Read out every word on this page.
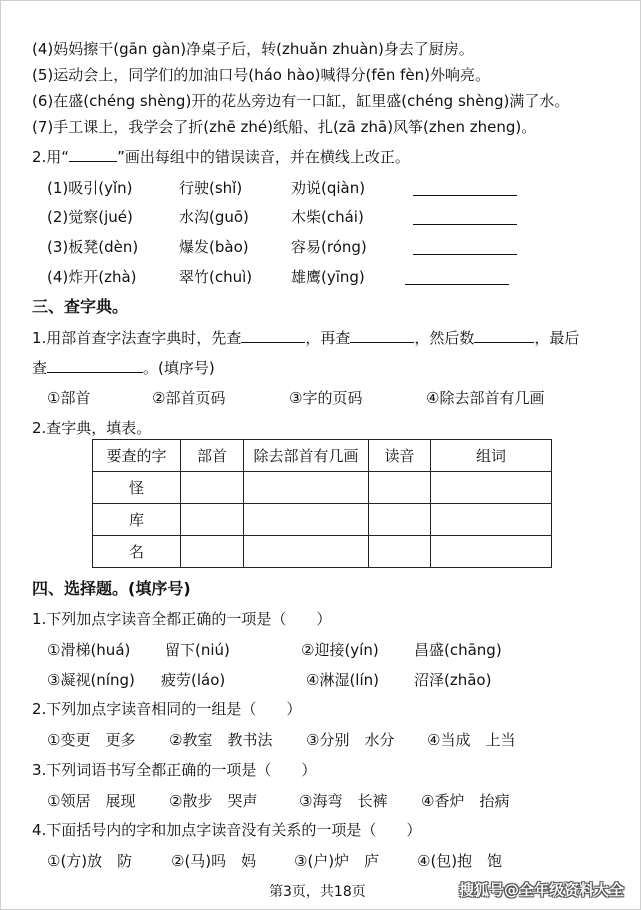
(4)妈妈擦干(gān gàn)净桌子后，转(zhuǎn zhuàn)身去了厨房。
(5)运动会上，同学们的加油口号(háo hào)喊得分(fēn fèn)外响亮。
(6)在盛(chéng shèng)开的花丛旁边有一口缸，缸里盛(chéng shèng)满了水。
(7)手工课上，我学会了折(zhē zhé)纸船、扎(zā zhā)风筝(zhen zheng)。
2.用“	”画出每组中的错误读音，并在横线上改正。
(1)吸引(yǐn)	行驶(shǐ)	劝说(qiàn)
(2)觉察(jué)	水沟(guō)	木柴(chái)
(3)板凳(dèn)	爆发(bào)	容易(róng)
(4)炸开(zhà)	翠竹(chuì)	雄鹰(yīng)
三、查字典。
1.用部首查字法查字典时，先查	，再查	，然后数	，最后
查	。(填序号)
①部首	②部首页码	③字的页码	④除去部首有几画
2.查字典，填表。
要查的字	部首	除去部首有几画	读音	组词
怪				
库				
名				
四、选择题。(填序号)
1.下列加点字读音全都正确的一项是（　　）
①滑梯(huá) 留下(niú)	②迎接(yín) 昌盛(chāng)
③凝视(níng) 疲劳(láo)	④淋湿(lín) 沼泽(zhāo)
2.下列加点字读音相同的一组是（　　）
①变更　更多 ②教室　教书法 ③分别　水分 ④当成　上当
3.下列词语书写全都正确的一项是（　　）
①领居　展现 ②散步　哭声	③海弯　长裤 ④香炉　抬病
4.下面括号内的字和加点字读音没有关系的一项是（　　）
①(方)放　防	②(马)吗　妈	③(户)炉　庐	④(包)抱　饱
第3页，共18页	搜狐号@全年级资料大全
